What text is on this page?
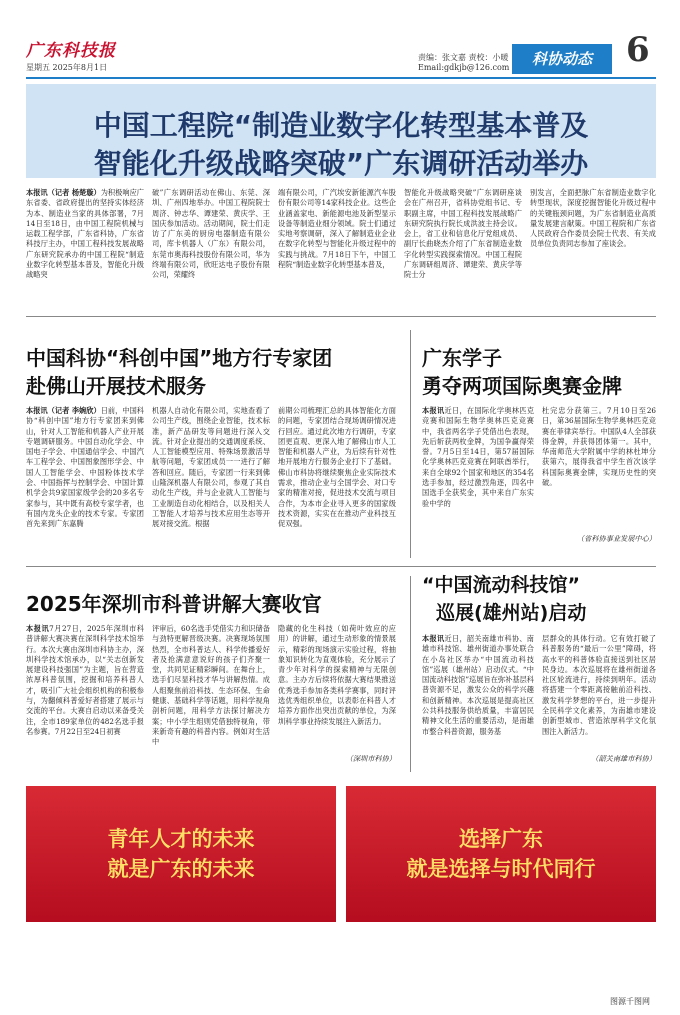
广东科技报
星期五 2025年8月1日
责编：张文嘉 责校：小暖
Email:gdkjb@126.com	科协动态	6
中国工程院“制造业数字化转型基本普及
智能化升级战略突破”广东调研活动举办
本报讯（记者 杨楚璇）为积极响应广东省委、省政府提出的坚持实体经济为本、制造业当家的具体部署，7月14日至18日，由中国工程院机械与运载工程学部，广东省科协，广东省科技厅主办，中国工程科技发展战略广东研究院承办的中国工程院“制造业数字化转型基本普及，智能化升级战略突
破”广东调研活动在佛山、东莞、深圳、广州四地举办。中国工程院院士周济、钟志华、谭建荣、黄庆学、王国庆参加活动。活动期间，院士们走访了广东美的厨房电器制造有限公司，库卡机器人（广东）有限公司，东莞市奥海科技股份有限公司，华为终端有限公司，欣旺达电子股份有限公司，荣耀终
端有限公司，广汽埃安新能源汽车股份有限公司等14家科技企业。这些企业涵盖家电、新能源电池及新型显示设备等制造业细分领域。院士们通过实地考察调研，深入了解制造业企业在数字化转型与智能化升级过程中的实践与挑战。7月18日下午，中国工程院“制造业数字化转型基本普及，
智能化升级战略突破”广东调研座谈会在广州召开，省科协党组书记、专职副主席，中国工程科技发展战略广东研究院执行院长成洪波主持会议。会上，省工业和信息化厅党组成员、副厅长曲晓杰介绍了广东省制造业数字化转型实践探索情况。中国工程院广东调研组周济、谭建荣、黄庆学等院士分
别发言，全面把脉广东省制造业数字化转型现状，深度挖掘智能化升级过程中的关键瓶颈问题，为广东省制造业高质量发展建言献策。中国工程院和广东省人民政府合作委员会院士代表、有关成员单位负责同志参加了座谈会。
中国科协“科创中国”地方行专家团
赴佛山开展技术服务
本报讯（记者 李婉欣）日前，中国科协“科创中国”地方行专家团来到佛山，针对人工智能和机器人产业开展专题调研服务。中国自动化学会、中国电子学会、中国通信学会、中国汽车工程学会、中国图象图形学会、中国人工智能学会、中国粉体技术学会、中国指挥与控制学会、中国计算机学会共9家国家级学会的20多名专家参与，其中既有高校专家学者，也有国内龙头企业的技术专家。专家团首先来到广东嘉腾
机器人自动化有限公司，实地查看了公司生产线，围绕企业智能，技术标准，新产品研发等问题进行深入交流。针对企业提出的交通调度系统、人工智能模型应用、特殊场景激活导航等问题，专家团成员一一进行了解答和回应。随后，专家团一行来到佛山隆深机器人有限公司，参观了其自动化生产线，并与企业就人工智能与工业制造自动化相结合，以及相关人工智能人才培养与技术应用生态等开展对接交流。根据
前期公司梳理汇总的具体智能化方面的问题，专家团结合现场调研情况进行回应。通过此次地方行调研，专家团更直观、更深入地了解佛山市人工智能和机器人产业，为后续有针对性地开展地方行服务企业打下了基础。佛山市科协将继续聚焦企业实际技术需求，推动企业与全国学会、对口专家的精准对接，促进技术交流与项目合作，为本市企业寻入更多的国家级技术资源，实实在在推动产业科技互促双强。
广东学子
勇夺两项国际奥赛金牌
本报讯近日，在国际化学奥林匹克竞赛和国际生物学奥林匹克竞赛中，我省两名学子凭借出色表现，先后斩获两枚金牌，为国争赢得荣誉。7月5日至14日，第57届国际化学奥林匹克竞赛在阿联酋举行，来自全球92个国家和地区的354名选手参加，经过激烈角逐，四名中国选手全获奖金，其中来自广东实验中学的
杜完忠分获第三。7月10日至26日，第36届国际生物学奥林匹克竞赛在菲律宾举行。中国队4人全部获得金牌，并获得团体第一。其中，华南师范大学附属中学的林杜坤分获第六，展得我省中学生首次该学科国际奥赛金牌，实现历史性的突破。
（省科协事业发展中心）
2025年深圳市科普讲解大赛收官
本报讯7月27日，2025年深圳市科普讲解大赛决赛在深圳科学技术馆举行。本次大赛由深圳市科协主办，深圳科学技术馆承办，以“关志创新发展建设科技强国”为主题，旨在营造浓厚科普氛围，挖掘和培养科普人才，吸引广大社会组织机构的积极参与，为翻倾科普爱好者搭建了展示与交流的平台。大赛自启动以来备受关注，全市189家单位的482名选手报名参赛。7月22日至24日初赛
评审后，60名选手凭借实力和识储备与劲特更解晋级决赛。决赛现场氛围热烈，全市科普达人、科学传播爱好者及抢满意意说好的孩子们齐聚一堂，共同见证精彩瞬间。在舞台上，选手们尽显科技才华与讲解热情。成人组聚焦前沿科技、生态环保、生命健康、基础科学等话题，用科学视角剖析问题，用科学方法探讨解决方案；中小学生组则凭借独特视角，带来新奇有趣的科普内容。例如对生活中
隐藏的化生科技（如荷叶效应的应用）的讲解，通过生动形象的情景展示，精彩的现场演示实验过程，将抽象知识转化为直观体验，充分展示了青少年对科学的探索精神与无限创意。主办方后续将依据大赛结果推送优秀选手参加各类科学赛事，同时评选优秀组织单位，以表彰在科普人才培养方面作出突出贡献的单位，为深圳科学事业持续发展注入新活力。
（深圳市科协）
“中国流动科技馆”
巡展(雄州站)启动
本报讯近日，韶关南雄市科协、南雄市科技馆、雄州街道办事处联合在小岛社区举办“中国流动科技馆”巡展（雄州站）启动仪式。“中国流动科技馆”巡展旨在弥补基层科普资源不足，激发公众的科学兴趣和创新精神。本次巡展是提高社区公共科技服务供给质量，丰富居民精神文化生活的重要活动，是南雄市整合科普资源，服务基
层群众的具体行动。它有效打破了科普服务的“最后一公里”障碍，将高水平的科普体验直接送到社区居民身边。本次巡展将在雄州街道各社区轮流进行，持续到明年。活动将搭建一个零距离接触前沿科技、激发科学梦想的平台，进一步提升全民科学文化素养，为南雄市建设创新型城市、营造浓厚科学文化氛围注入新活力。
（韶关南雄市科协）
青年人才的未来
就是广东的未来
选择广东
就是选择与时代同行
图源千图网
